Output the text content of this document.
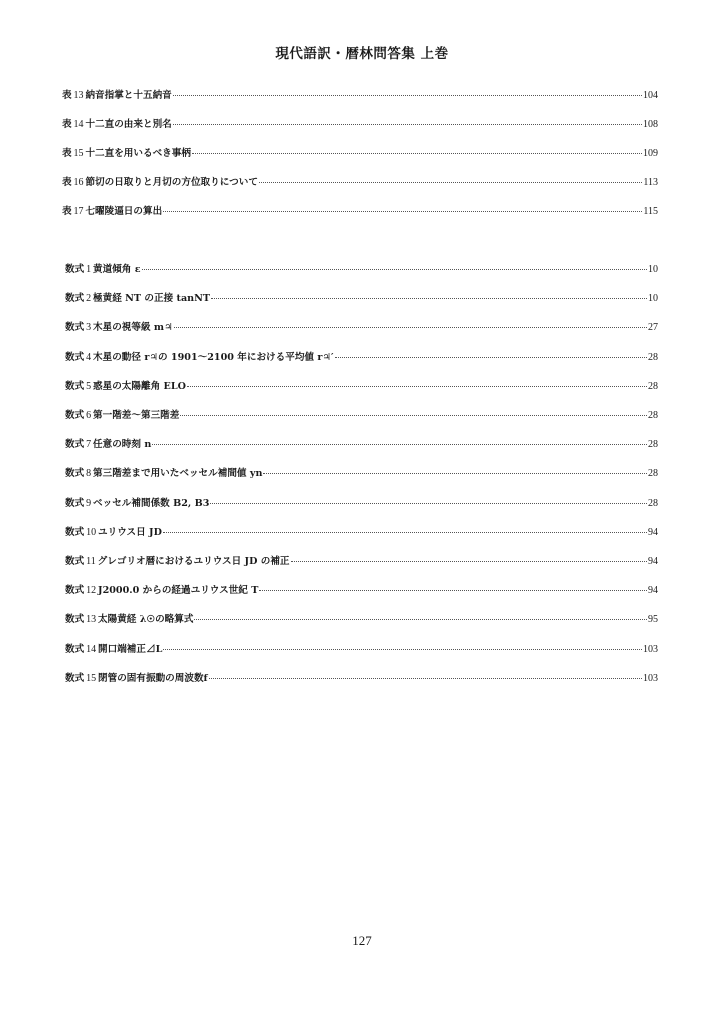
現代語訳・暦林問答集 上巻
表  13  納音指掌と十五納音	104
表  14  十二直の由来と別名	108
表  15  十二直を用いるべき事柄	109
表  16  節切の日取りと月切の方位取りについて	113
表  17  七曜陵逼日の算出	115
数式  1  黄道傾角 ε	10
数式  2  極黄経 NT の正接 tanNT	10
数式  3  木星の視等級 m♃	27
数式  4  木星の動径 r♃の 1901～2100 年における平均値 r♃′	28
数式  5  惑星の太陽離角 ELO	28
数式  6  第一階差～第三階差	28
数式  7  任意の時刻 n	28
数式  8  第三階差まで用いたベッセル補間値 yn	28
数式  9  ベッセル補間係数 B2, B3	28
数式  10  ユリウス日 JD	94
数式  11  グレゴリオ暦におけるユリウス日 JD の補正	94
数式  12  J2000.0 からの経過ユリウス世紀 T	94
数式  13  太陽黄経 λ☉の略算式	95
数式  14  開口端補正⊿L	103
数式  15  閉管の固有振動の周波数f	103
127
